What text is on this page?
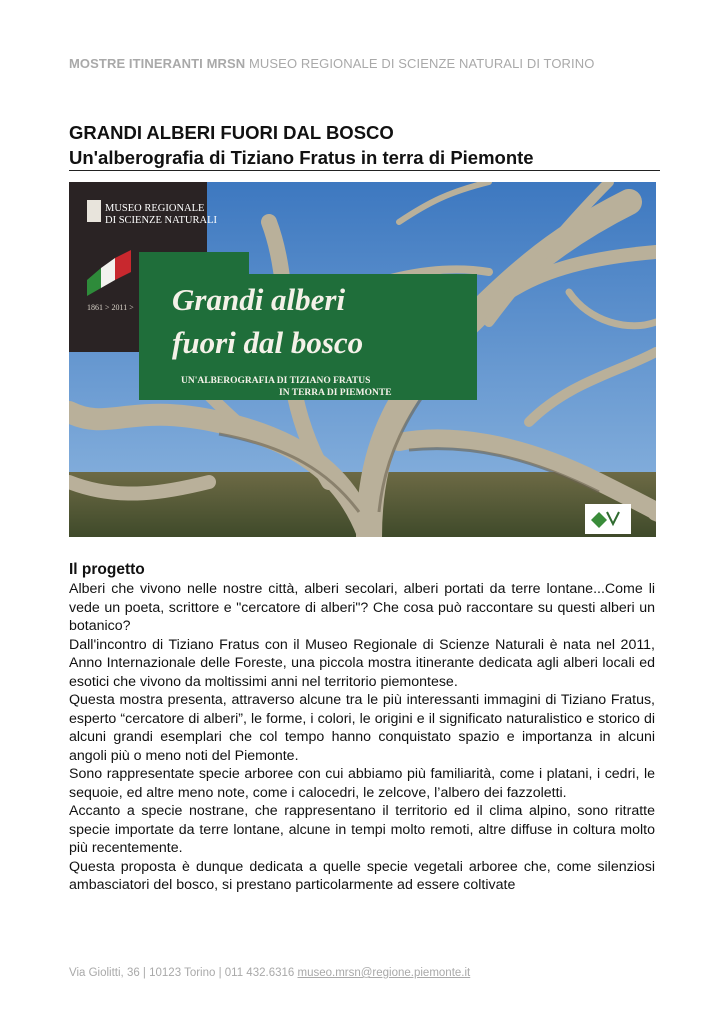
MOSTRE ITINERANTI MRSN MUSEO REGIONALE DI SCIENZE NATURALI DI TORINO
GRANDI ALBERI FUORI DAL BOSCO
Un'alberografia di Tiziano Fratus in terra di Piemonte
MUSEO REGIONALE
DI SCIENZE NATURALI
1861 > 2011 > Grandi alberi
fuori dal bosco
UN'ALBEROGRAFIA DI TIZIANO FRATUS
IN TERRA DI PIEMONTE
Il progetto

Alberi che vivono nelle nostre città, alberi secolari, alberi portati da terre lontane...Come li vede un poeta, scrittore e "cercatore di alberi"? Che cosa può raccontare su questi alberi un botanico?

Dall'incontro di Tiziano Fratus con il Museo Regionale di Scienze Naturali è nata nel 2011, Anno Internazionale delle Foreste, una piccola mostra itinerante dedicata agli alberi locali ed esotici che vivono da moltissimi anni nel territorio piemontese.

Questa mostra presenta, attraverso alcune tra le più interessanti immagini di Tiziano Fratus, esperto “cercatore di alberi”, le forme, i colori, le origini e il significato naturalistico e storico di alcuni grandi esemplari che col tempo hanno conquistato spazio e importanza in alcuni angoli più o meno noti del Piemonte.

Sono rappresentate specie arboree con cui abbiamo più familiarità, come i platani, i cedri, le sequoie, ed altre meno note, come i calocedri, le zelcove, l’albero dei fazzoletti.

Accanto a specie nostrane, che rappresentano il territorio ed il clima alpino, sono ritratte specie importate da terre lontane, alcune in tempi molto remoti, altre diffuse in coltura molto più recentemente.

Questa proposta è dunque dedicata a quelle specie vegetali arboree che, come silenziosi ambasciatori del bosco, si prestano particolarmente ad essere coltivate

Via Giolitti, 36 | 10123 Torino | 011 432.6316 museo.mrsn@regione.piemonte.it
